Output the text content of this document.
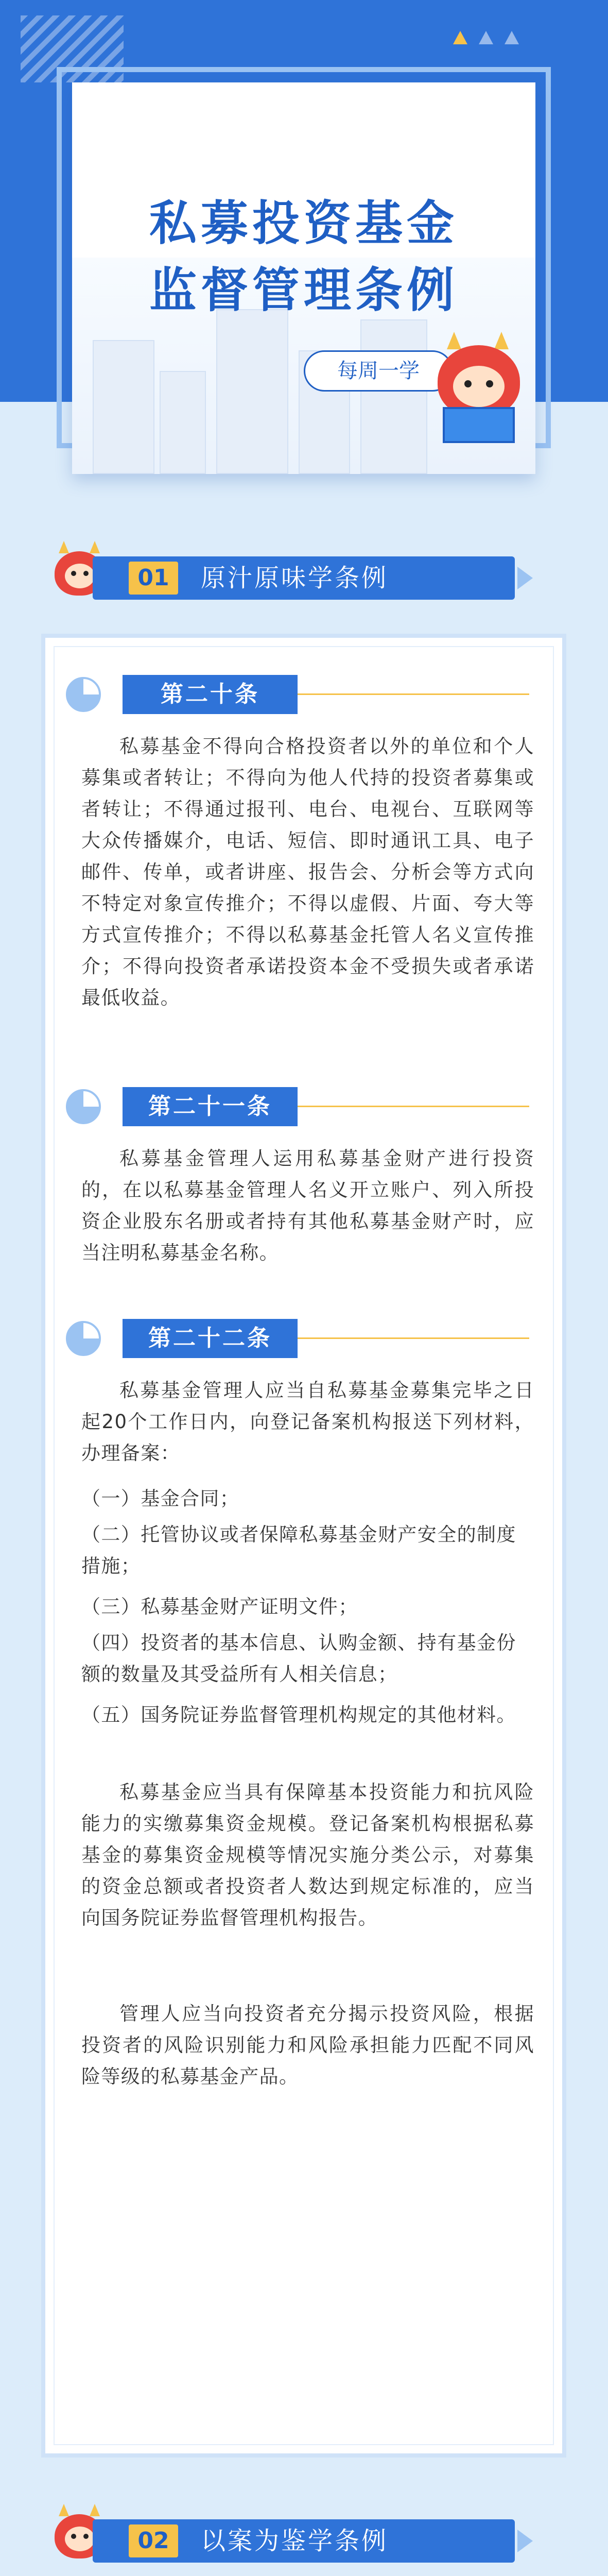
私募投资基金
监督管理条例
每周一学
01	原汁原味学条例
第二十条
私募基金不得向合格投资者以外的单位和个人募集或者转让；不得向为他人代持的投资者募集或者转让；不得通过报刊、电台、电视台、互联网等大众传播媒介，电话、短信、即时通讯工具、电子邮件、传单，或者讲座、报告会、分析会等方式向不特定对象宣传推介；不得以虚假、片面、夸大等方式宣传推介；不得以私募基金托管人名义宣传推介；不得向投资者承诺投资本金不受损失或者承诺最低收益。
第二十一条
私募基金管理人运用私募基金财产进行投资的，在以私募基金管理人名义开立账户、列入所投资企业股东名册或者持有其他私募基金财产时，应当注明私募基金名称。
第二十二条
私募基金管理人应当自私募基金募集完毕之日起20个工作日内，向登记备案机构报送下列材料，办理备案：
（一）基金合同；
（二）托管协议或者保障私募基金财产安全的制度措施；
（三）私募基金财产证明文件；
（四）投资者的基本信息、认购金额、持有基金份额的数量及其受益所有人相关信息；
（五）国务院证券监督管理机构规定的其他材料。
私募基金应当具有保障基本投资能力和抗风险能力的实缴募集资金规模。登记备案机构根据私募基金的募集资金规模等情况实施分类公示，对募集的资金总额或者投资者人数达到规定标准的，应当向国务院证券监督管理机构报告。
管理人应当向投资者充分揭示投资风险，根据投资者的风险识别能力和风险承担能力匹配不同风险等级的私募基金产品。
02	以案为鉴学条例
